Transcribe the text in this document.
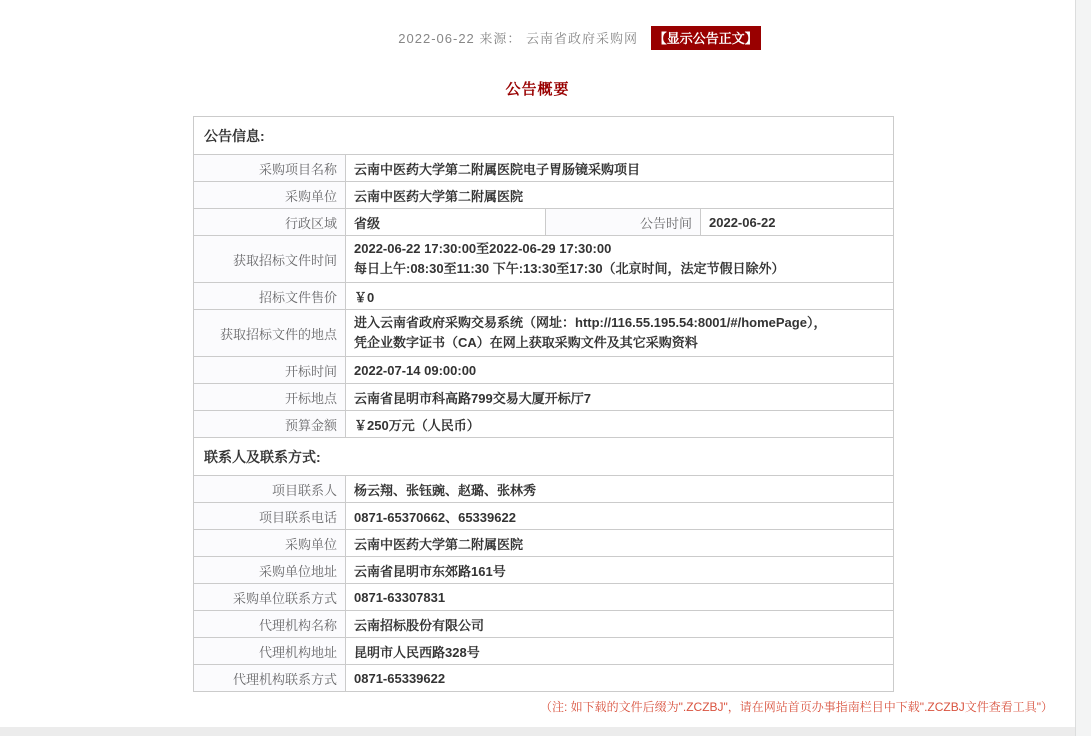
2022-06-22 来源： 云南省政府采购网 【显示公告正文】
公告概要
公告信息:			
采购项目名称	云南中医药大学第二附属医院电子胃肠镜采购项目		
采购单位	云南中医药大学第二附属医院		
行政区域	省级	公告时间	2022-06-22
获取招标文件时间	2022-06-22 17:30:00至2022-06-29 17:30:00
每日上午:08:30至11:30 下午:13:30至17:30（北京时间，法定节假日除外）		

招标文件售价	￥0		
获取招标文件的地点	进入云南省政府采购交易系统（网址：http://116.55.195.54:8001/#/homePage），
凭企业数字证书（CA）在网上获取采购文件及其它采购资料		

开标时间	2022-07-14 09:00:00		
开标地点	云南省昆明市科高路799交易大厦开标厅7		
预算金额	￥250万元（人民币）		
联系人及联系方式:			
项目联系人	杨云翔、张钰豌、赵璐、张林秀		
项目联系电话	0871-65370662、65339622		
采购单位	云南中医药大学第二附属医院		
采购单位地址	云南省昆明市东郊路161号		
采购单位联系方式	0871-63307831		
代理机构名称	云南招标股份有限公司		
代理机构地址	昆明市人民西路328号		
代理机构联系方式	0871-65339622		
（注: 如下载的文件后缀为".ZCZBJ"，请在网站首页办事指南栏目中下载".ZCZBJ文件查看工具"）
